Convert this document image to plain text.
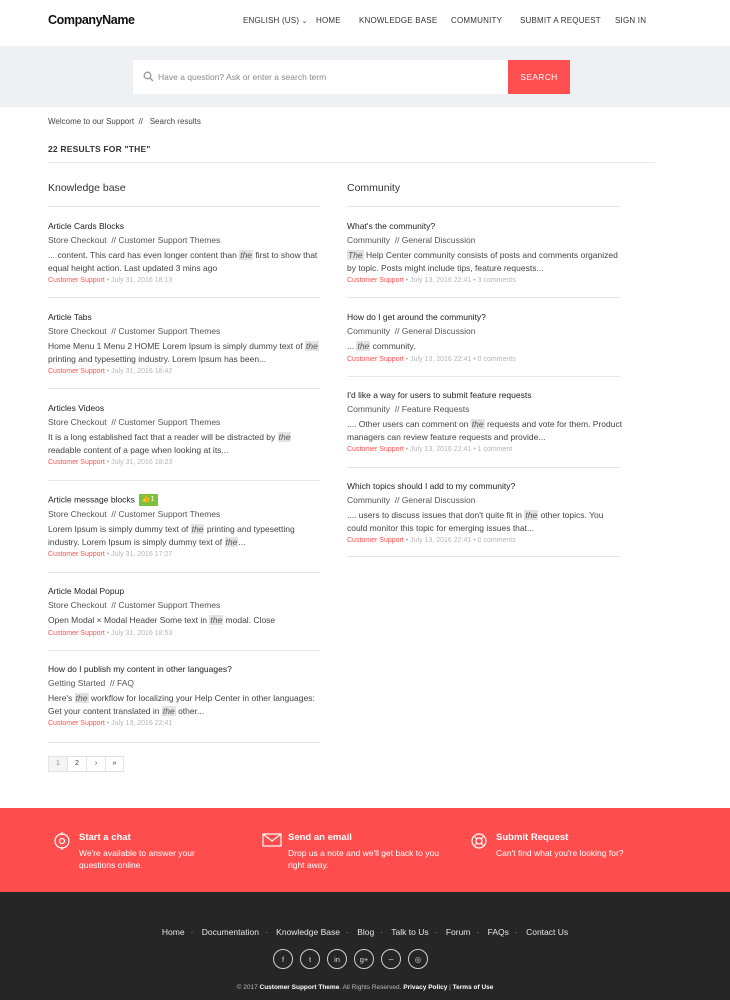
CompanyName	ENGLISH (US) ⌄ HOME KNOWLEDGE BASE COMMUNITY SUBMIT A REQUEST SIGN IN
Have a question? Ask or enter a search term
SEARCH
Welcome to our Support  //   Search results
22 RESULTS FOR "THE"
Knowledge base	Community
Article Cards Blocks
Store Checkout  // Customer Support Themes
... content. This card has even longer content than the first to show that equal height action. Last updated 3 mins ago
Customer Support • July 31, 2016 18:13
Article Tabs
Store Checkout  // Customer Support Themes
Home Menu 1 Menu 2 HOME Lorem Ipsum is simply dummy text of the printing and typesetting industry. Lorem Ipsum has been...
Customer Support • July 31, 2016 18:42
Articles Videos
Store Checkout  // Customer Support Themes
It is a long established fact that a reader will be distracted by the readable content of a page when looking at its...
Customer Support • July 31, 2016 18:23
Article message blocks 👍1
Store Checkout  // Customer Support Themes
Lorem Ipsum is simply dummy text of the printing and typesetting industry. Lorem Ipsum is simply dummy text of the...
Customer Support • July 31, 2016 17:27
Article Modal Popup
Store Checkout  // Customer Support Themes
Open Modal × Modal Header Some text in the modal. Close
Customer Support • July 31, 2016 18:53
How do I publish my content in other languages?
Getting Started  // FAQ
Here's the workflow for localizing your Help Center in other languages: Get your content translated in the other...
Customer Support • July 13, 2016 22:41
What's the community?
Community  // General Discussion
The Help Center community consists of posts and comments organized by topic. Posts might include tips, feature requests...
Customer Support • July 13, 2016 22:41 • 3 comments
How do I get around the community?
Community  // General Discussion
... the community.
Customer Support • July 13, 2016 22:41 • 0 comments
I'd like a way for users to submit feature requests
Community  // Feature Requests
.... Other users can comment on the requests and vote for them. Product managers can review feature requests and provide...
Customer Support • July 13, 2016 22:41 • 1 comment
Which topics should I add to my community?
Community  // General Discussion
.... users to discuss issues that don't quite fit in the other topics. You could monitor this topic for emerging issues that...
Customer Support • July 13, 2016 22:41 • 0 comments
1	2	›	»
Start a chat
We're available to answer your questions online.
Send an email
Drop us a note and we'll get back to you right away.
Submit Request
Can't find what you're looking for?
Home · Documentation · Knowledge Base · Blog · Talk to Us · Forum · FAQs · Contact Us
f	t	in	g+	∽	◎
© 2017 Customer Support Theme. All Rights Reserved. Privacy Policy | Terms of Use
